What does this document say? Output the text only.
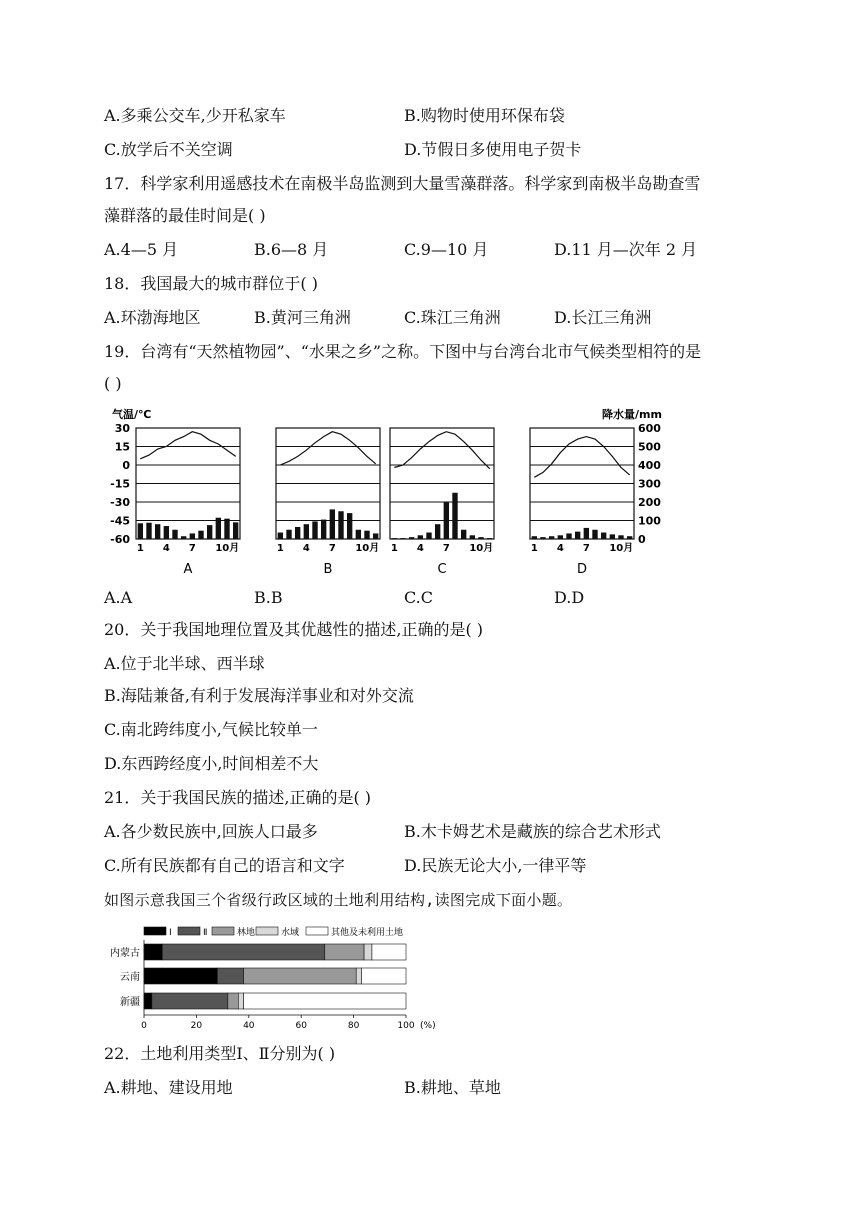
A.多乘公交车,少开私家车	B.购物时使用环保布袋
C.放学后不关空调	D.节假日多使用电子贺卡
17．科学家利用遥感技术在南极半岛监测到大量雪藻群落。科学家到南极半岛勘查雪
藻群落的最佳时间是( )
A.4—5 月	B.6—8 月	C.9—10 月	D.11 月—次年 2 月
18．我国最大的城市群位于( )
A.环渤海地区	B.黄河三角洲	C.珠江三角洲	D.长江三角洲
19．台湾有“天然植物园”、“水果之乡”之称。下图中与台湾台北市气候类型相符的是
( )
气温/℃	降水量/mm
30
15
0
-15
-30
-45
-60
600
500
400
300
200
100
0
1 4 7 10月
A
1 4 7 10月
B
1 4 7 10月
C
1 4 7 10月
D
A.A	B.B	C.C	D.D
20．关于我国地理位置及其优越性的描述,正确的是( )
A.位于北半球、西半球
B.海陆兼备,有利于发展海洋事业和对外交流
C.南北跨纬度小,气候比较单一
D.东西跨经度小,时间相差不大
21．关于我国民族的描述,正确的是( )
A.各少数民族中,回族人口最多	B.木卡姆艺术是藏族的综合艺术形式
C.所有民族都有自己的语言和文字	D.民族无论大小,一律平等
如图示意我国三个省级行政区域的土地利用结构,读图完成下面小题。
Ⅰ	Ⅱ	林地	水域	其他及未利用土地
内蒙古
云南
新疆
0	20	40	60	80	100 (%)
22．土地利用类型Ⅰ、Ⅱ分别为( )
A.耕地、建设用地	B.耕地、草地
